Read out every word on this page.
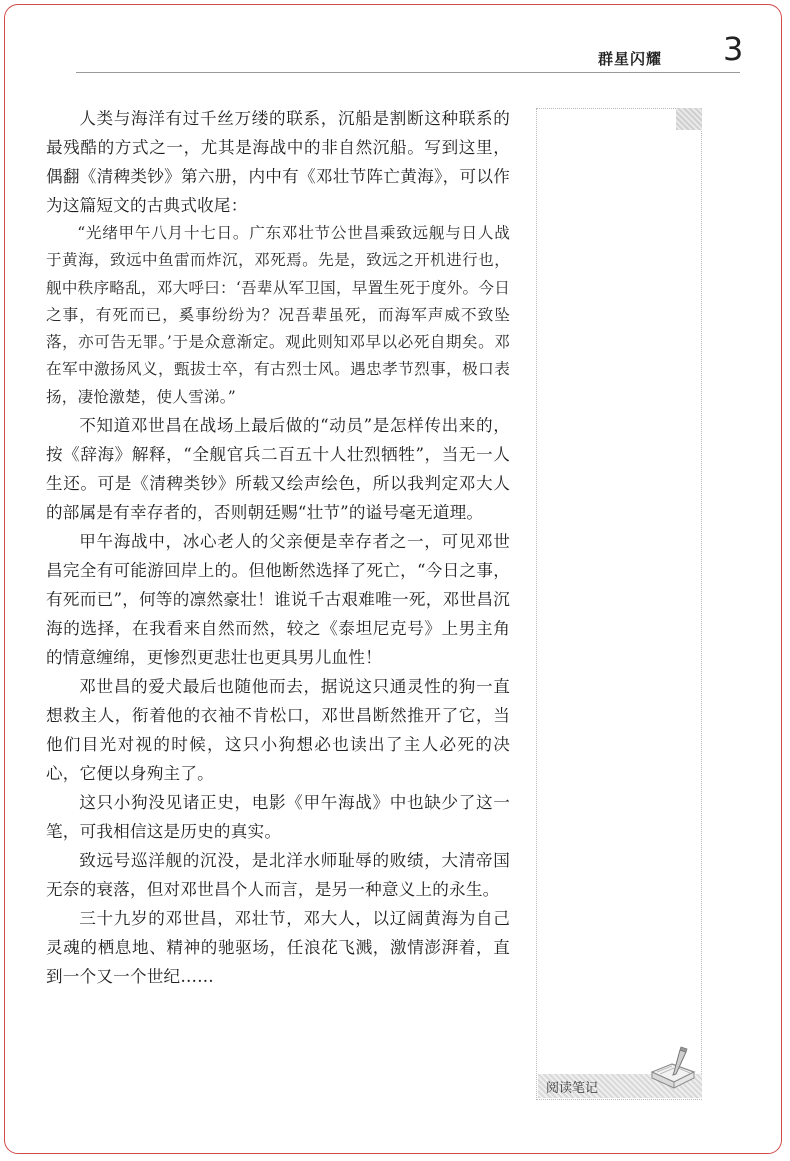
群星闪耀 3

人类与海洋有过千丝万缕的联系，沉船是割断这种联系的最残酷的方式之一，尤其是海战中的非自然沉船。写到这里，偶翻《清稗类钞》第六册，内中有《邓壮节阵亡黄海》，可以作为这篇短文的古典式收尾：

“光绪甲午八月十七日。广东邓壮节公世昌乘致远舰与日人战于黄海，致远中鱼雷而炸沉，邓死焉。先是，致远之开机进行也，舰中秩序略乱，邓大呼曰：‘吾辈从军卫国，早置生死于度外。今日之事，有死而已，奚事纷纷为？况吾辈虽死，而海军声威不致坠落，亦可告无罪。’于是众意渐定。观此则知邓早以必死自期矣。邓在军中激扬风义，甄拔士卒，有古烈士风。遇忠孝节烈事，极口表扬，凄怆激楚，使人雪涕。”

不知道邓世昌在战场上最后做的“动员”是怎样传出来的，按《辞海》解释，“全舰官兵二百五十人壮烈牺牲”，当无一人生还。可是《清稗类钞》所载又绘声绘色，所以我判定邓大人的部属是有幸存者的，否则朝廷赐“壮节”的谥号毫无道理。

甲午海战中，冰心老人的父亲便是幸存者之一，可见邓世昌完全有可能游回岸上的。但他断然选择了死亡，“今日之事，有死而已”，何等的凛然豪壮！谁说千古艰难唯一死，邓世昌沉海的选择，在我看来自然而然，较之《泰坦尼克号》上男主角的情意缠绵，更惨烈更悲壮也更具男儿血性！

邓世昌的爱犬最后也随他而去，据说这只通灵性的狗一直想救主人，衔着他的衣袖不肯松口，邓世昌断然推开了它，当他们目光对视的时候，这只小狗想必也读出了主人必死的决心，它便以身殉主了。

这只小狗没见诸正史，电影《甲午海战》中也缺少了这一笔，可我相信这是历史的真实。

致远号巡洋舰的沉没，是北洋水师耻辱的败绩，大清帝国无奈的衰落，但对邓世昌个人而言，是另一种意义上的永生。

三十九岁的邓世昌，邓壮节，邓大人，以辽阔黄海为自己灵魂的栖息地、精神的驰驱场，任浪花飞溅，激情澎湃着，直到一个又一个世纪……

阅读笔记
